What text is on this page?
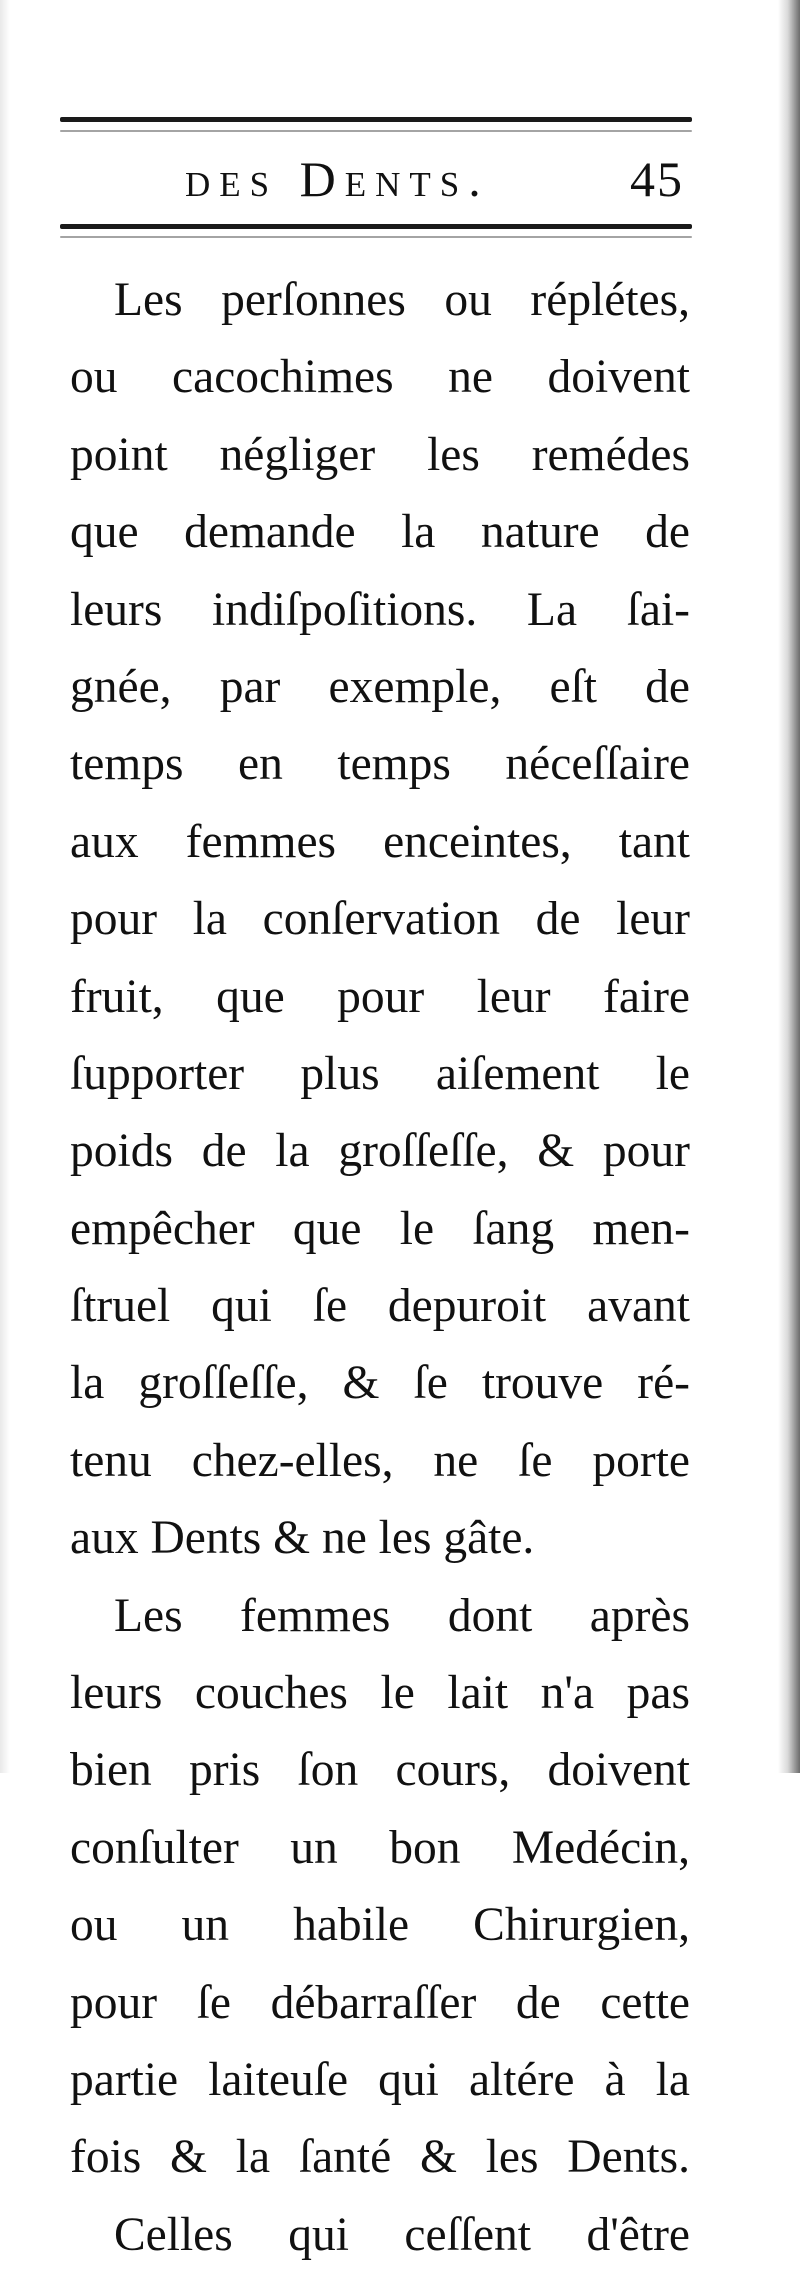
des Dents.	45
Les perſonnes ou réplétes,
ou cacochimes ne doivent
point négliger les remédes
que demande la nature de
leurs indiſpoſitions. La ſai-
gnée, par exemple, eſt de
temps en temps néceſſaire
aux femmes enceintes, tant
pour la conſervation de leur
fruit, que pour leur faire
ſupporter plus aiſement le
poids de la groſſeſſe, & pour
empêcher que le ſang men-
ſtruel qui ſe depuroit avant
la groſſeſſe, & ſe trouve ré-
tenu chez-elles, ne ſe porte
aux Dents & ne les gâte.
Les femmes dont après
leurs couches le lait n'a pas
bien pris ſon cours, doivent
conſulter un bon Medécin,
ou un habile Chirurgien,
pour ſe débarraſſer de cette
partie laiteuſe qui altére à la
fois & la ſanté & les Dents.
Celles qui ceſſent d'être
